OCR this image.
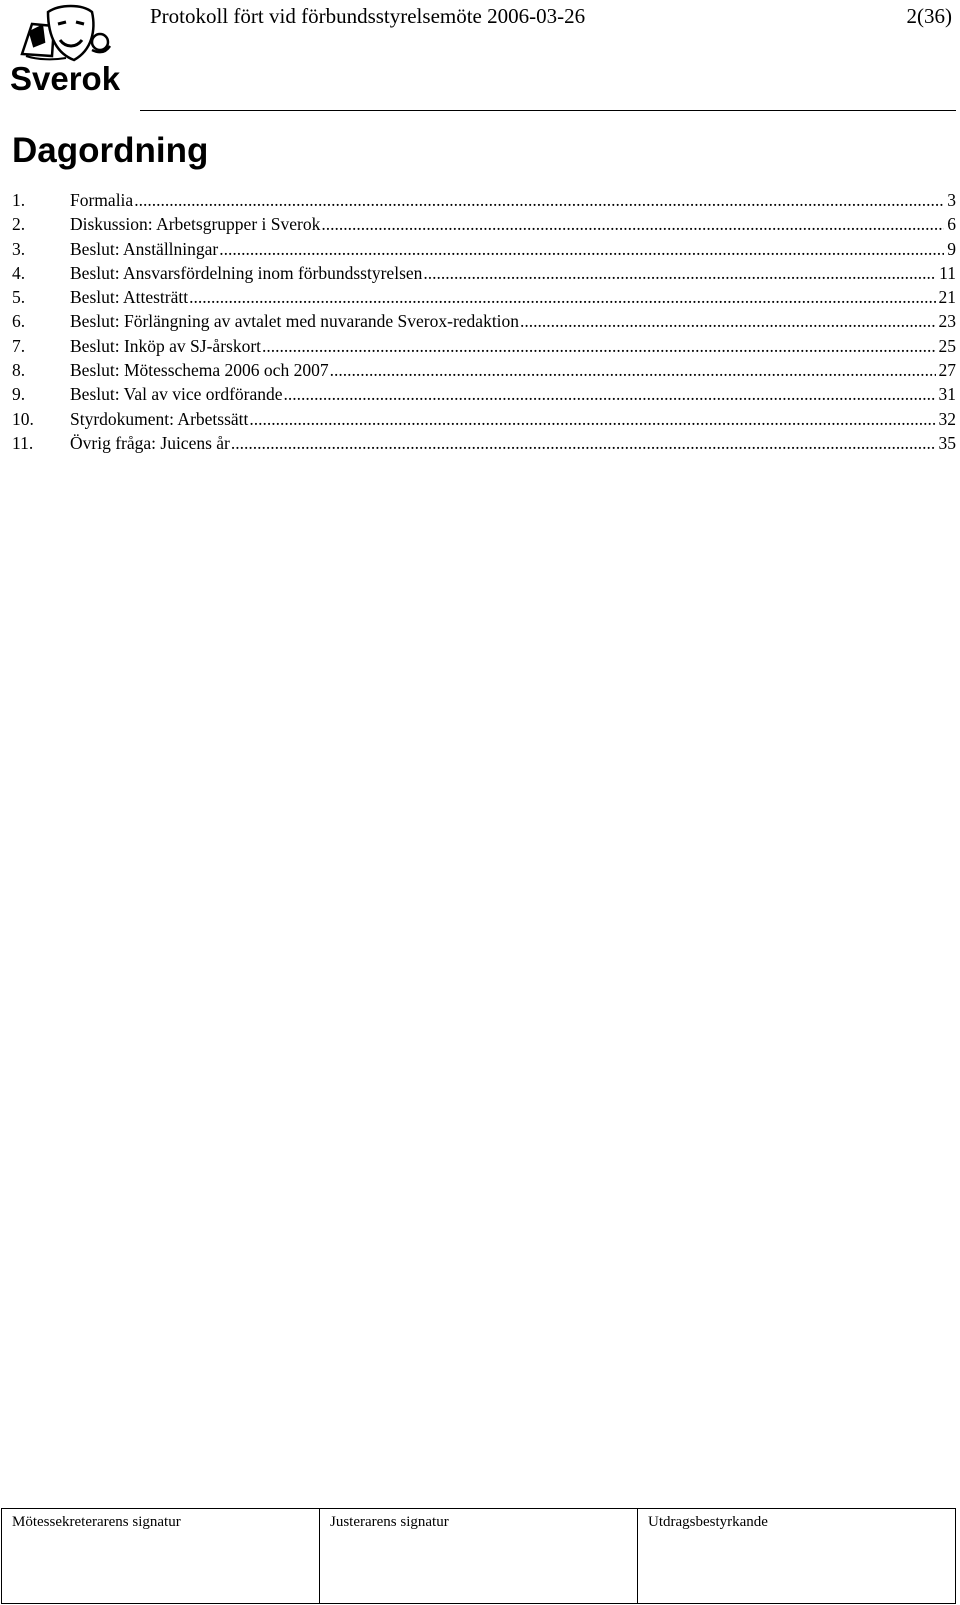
Sverok
Protokoll fört vid förbundsstyrelsemöte 2006-03-26	2(36)
Dagordning
1.	Formalia .....	3
2.	Diskussion: Arbetsgrupper i Sverok .....	6
3.	Beslut: Anställningar .....	9
4.	Beslut: Ansvarsfördelning inom förbundsstyrelsen .....	11
5.	Beslut: Attesträtt .....	21
6.	Beslut: Förlängning av avtalet med nuvarande Sverox-redaktion .....	23
7.	Beslut: Inköp av SJ-årskort .....	25
8.	Beslut: Mötesschema 2006 och 2007 .....	27
9.	Beslut: Val av vice ordförande .....	31
10.	Styrdokument: Arbetssätt .....	32
11.	Övrig fråga: Juicens år .....	35
Mötessekreterarens signatur	Justerarens signatur	Utdragsbestyrkande
